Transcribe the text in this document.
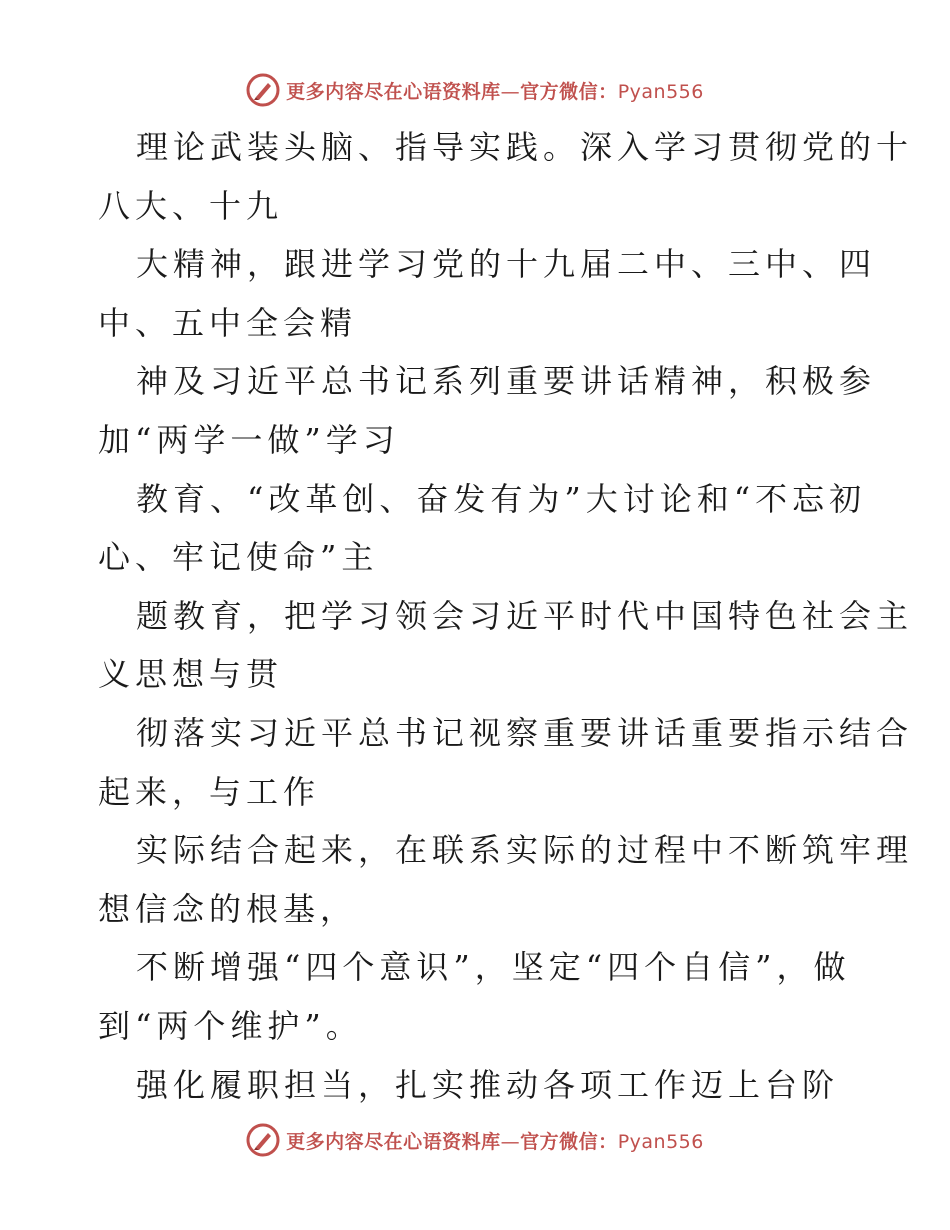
更多内容尽在心语资料库—官方微信：Pyan556
理论武装头脑、指导实践。深入学习贯彻党的十
八大、十九
大精神，跟进学习党的十九届二中、三中、四
中、五中全会精
神及习近平总书记系列重要讲话精神，积极参
加“两学一做”学习
教育、“改革创、奋发有为”大讨论和“不忘初
心、牢记使命”主
题教育，把学习领会习近平时代中国特色社会主
义思想与贯
彻落实习近平总书记视察重要讲话重要指示结合
起来，与工作
实际结合起来，在联系实际的过程中不断筑牢理
想信念的根基，
不断增强“四个意识”，坚定“四个自信”，做
到“两个维护”。
强化履职担当，扎实推动各项工作迈上台阶
更多内容尽在心语资料库—官方微信：Pyan556
